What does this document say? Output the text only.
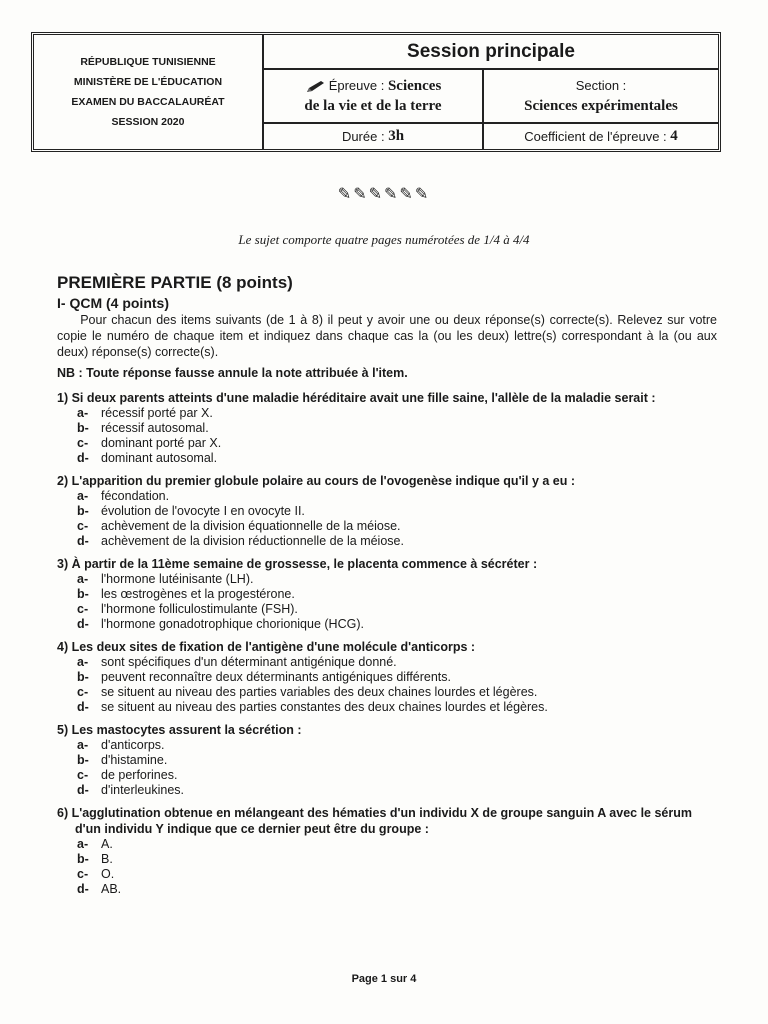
RÉPUBLIQUE TUNISIENNE
MINISTÈRE DE L'ÉDUCATION
EXAMEN DU BACCALAURÉAT
SESSION 2020
Session principale
Épreuve : Sciences
de la vie et de la terre
Section :
Sciences expérimentales
Durée :
3h	Coefficient de l'épreuve :
4
✎✎✎✎✎✎
Le sujet comporte quatre pages numérotées de 1/4 à 4/4

PREMIÈRE PARTIE (8 points)

I- QCM (4 points)

Pour chacun des items suivants (de 1 à 8) il peut y avoir une ou deux réponse(s) correcte(s). Relevez sur votre copie le numéro de chaque item et indiquez dans chaque cas la (ou les deux) lettre(s) correspondant à la (ou aux deux) réponse(s) correcte(s).

NB : Toute réponse fausse annule la note attribuée à l'item.

1) Si deux parents atteints d'une maladie héréditaire avait une fille saine, l'allèle de la maladie serait :

a- récessif porté par X.
b- récessif autosomal.
c- dominant porté par X.
d- dominant autosomal.

2) L'apparition du premier globule polaire au cours de l'ovogenèse indique qu'il y a eu :

a- fécondation.
b- évolution de l'ovocyte I en ovocyte II.
c- achèvement de la division équationnelle de la méiose.
d- achèvement de la division réductionnelle de la méiose.

3) À partir de la 11ème semaine de grossesse, le placenta commence à sécréter :

a- l'hormone lutéinisante (LH).
b- les œstrogènes et la progestérone.
c- l'hormone folliculostimulante (FSH).
d- l'hormone gonadotrophique chorionique (HCG).

4) Les deux sites de fixation de l'antigène d'une molécule d'anticorps :

a- sont spécifiques d'un déterminant antigénique donné.
b- peuvent reconnaître deux déterminants antigéniques différents.
c- se situent au niveau des parties variables des deux chaines lourdes et légères.
d- se situent au niveau des parties constantes des deux chaines lourdes et légères.

5) Les mastocytes assurent la sécrétion :

a- d'anticorps.
b- d'histamine.
c- de perforines.
d- d'interleukines.

6) L'agglutination obtenue en mélangeant des hématies d'un individu X de groupe sanguin A avec le sérum d'un individu Y indique que ce dernier peut être du groupe :

a- A.
b- B.
c- O.
d- AB.
Page 1 sur 4
